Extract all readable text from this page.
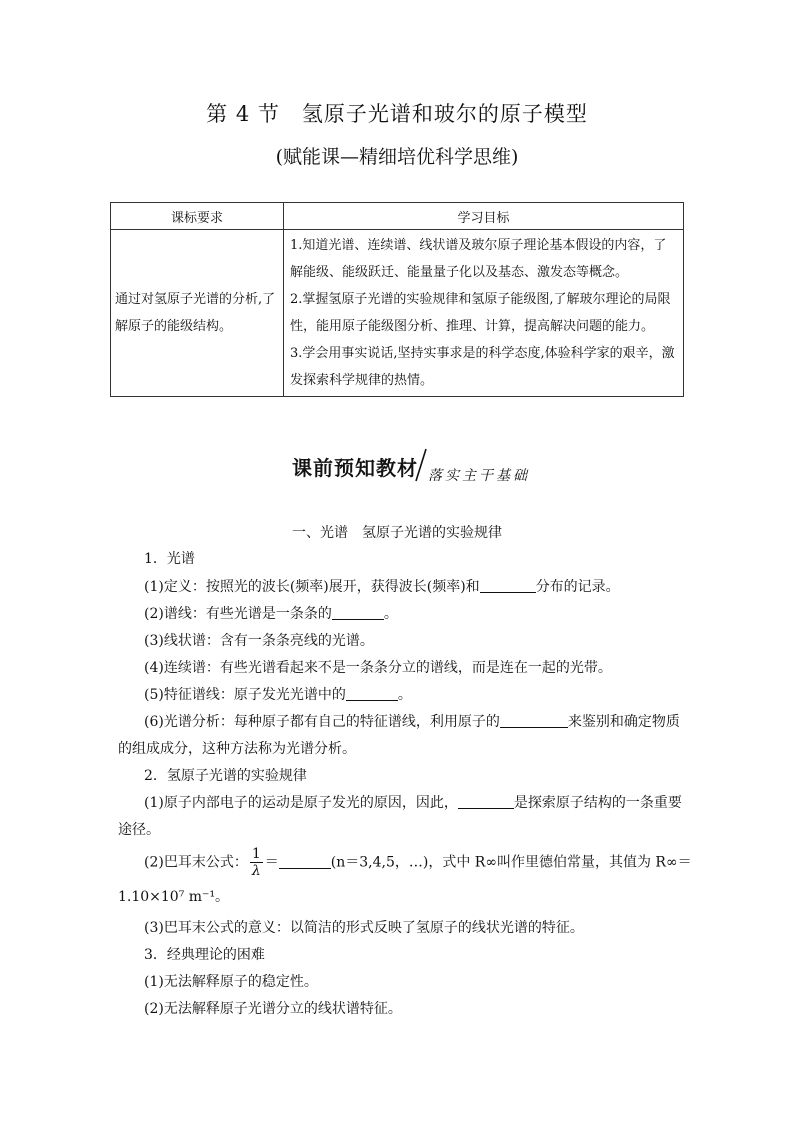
第 4 节　氢原子光谱和玻尔的原子模型
(赋能课—精细培优科学思维)
课标要求	学习目标
通过对氢原子光谱的分析,了解原子的能级结构。	1.知道光谱、连续谱、线状谱及玻尔原子理论基本假设的内容，了解能级、能级跃迁、能量量子化以及基态、激发态等概念。
2.掌握氢原子光谱的实验规律和氢原子能级图,了解玻尔理论的局限性，能用原子能级图分析、推理、计算，提高解决问题的能力。
3.学会用事实说话,坚持实事求是的科学态度,体验科学家的艰辛，激发探索科学规律的热情。
课前预知教材 落实主干基础
一、光谱　氢原子光谱的实验规律
1．光谱
(1)定义：按照光的波长(频率)展开，获得波长(频率)和	分布的记录。
(2)谱线：有些光谱是一条条的	。
(3)线状谱：含有一条条亮线的光谱。
(4)连续谱：有些光谱看起来不是一条条分立的谱线，而是连在一起的光带。
(5)特征谱线：原子发光光谱中的	。
(6)光谱分析：每种原子都有自己的特征谱线，利用原子的	来鉴别和确定物质
的组成成分，这种方法称为光谱分析。
2．氢原子光谱的实验规律
(1)原子内部电子的运动是原子发光的原因，因此，	是探索原子结构的一条重要
途径。
(2)巴耳末公式： $\frac{1}{\lambda}$ ＝	(n＝3,4,5，…)，式中 R∞叫作里德伯常量，其值为 R∞＝
1.10×10⁷ m⁻¹。
(3)巴耳末公式的意义：以简洁的形式反映了氢原子的线状光谱的特征。
3．经典理论的困难
(1)无法解释原子的稳定性。
(2)无法解释原子光谱分立的线状谱特征。
